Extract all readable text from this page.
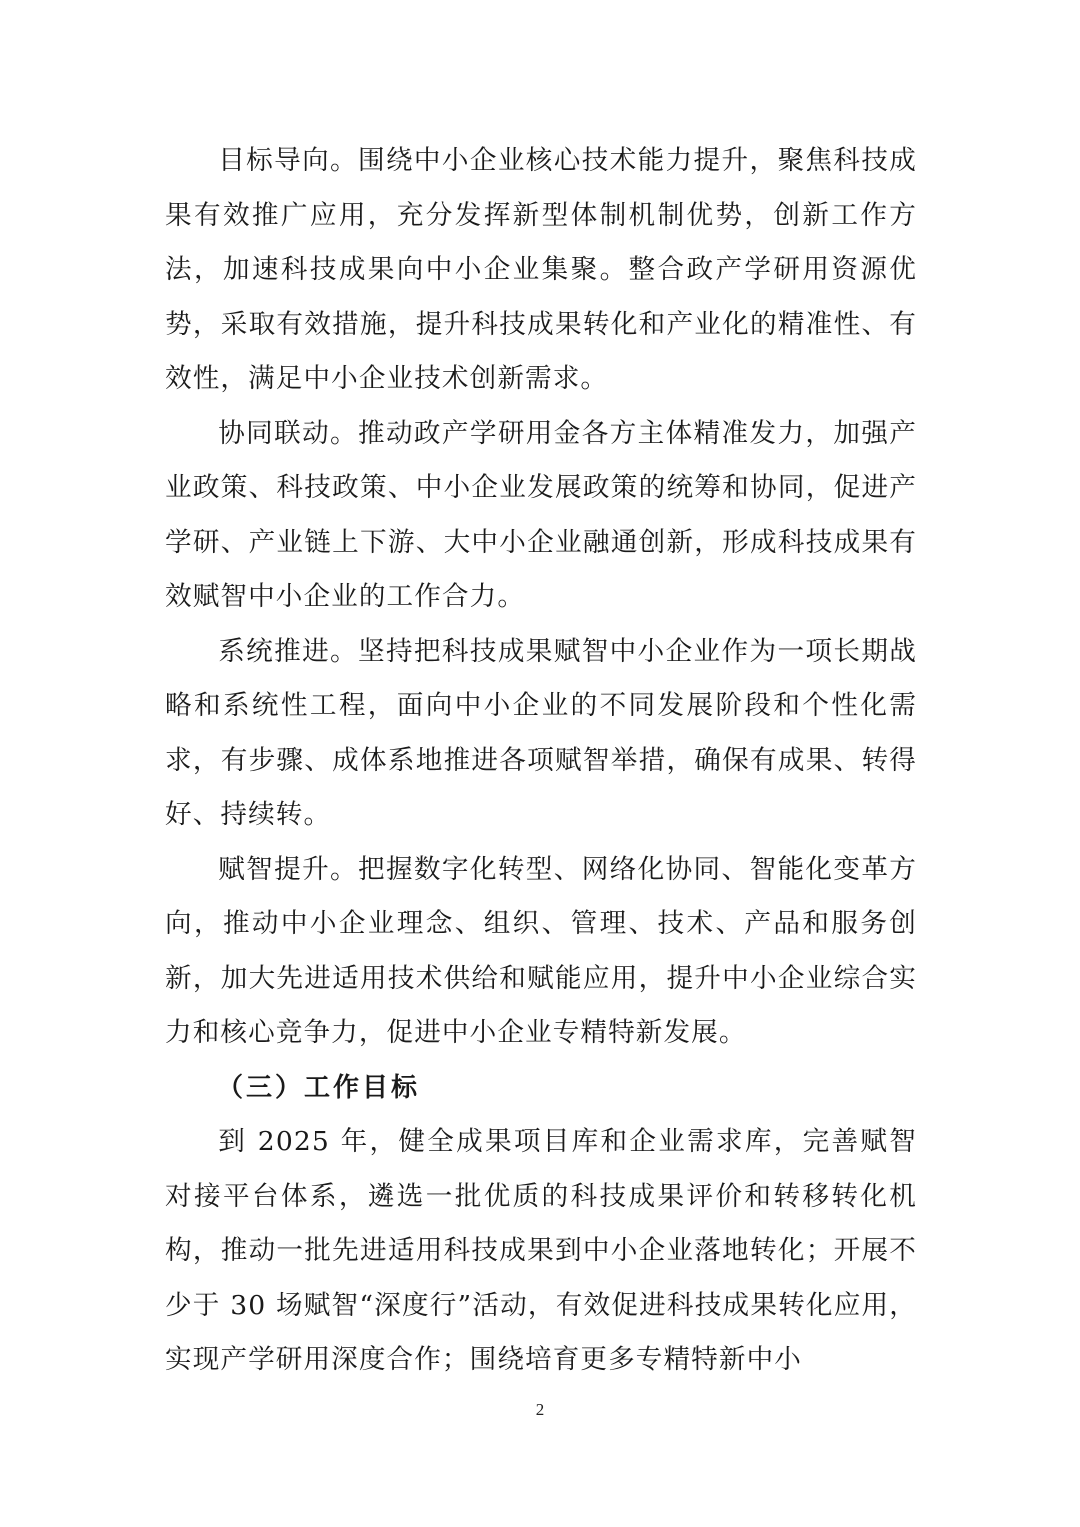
目标导向。围绕中小企业核心技术能力提升，聚焦科技成果有效推广应用，充分发挥新型体制机制优势，创新工作方法，加速科技成果向中小企业集聚。整合政产学研用资源优势，采取有效措施，提升科技成果转化和产业化的精准性、有效性，满足中小企业技术创新需求。

协同联动。推动政产学研用金各方主体精准发力，加强产业政策、科技政策、中小企业发展政策的统筹和协同，促进产学研、产业链上下游、大中小企业融通创新，形成科技成果有效赋智中小企业的工作合力。

系统推进。坚持把科技成果赋智中小企业作为一项长期战略和系统性工程，面向中小企业的不同发展阶段和个性化需求，有步骤、成体系地推进各项赋智举措，确保有成果、转得好、持续转。

赋智提升。把握数字化转型、网络化协同、智能化变革方向，推动中小企业理念、组织、管理、技术、产品和服务创新，加大先进适用技术供给和赋能应用，提升中小企业综合实力和核心竞争力，促进中小企业专精特新发展。

（三）工作目标

到 2025 年，健全成果项目库和企业需求库，完善赋智对接平台体系，遴选一批优质的科技成果评价和转移转化机构，推动一批先进适用科技成果到中小企业落地转化；开展不少于 30 场赋智“深度行”活动，有效促进科技成果转化应用，实现产学研用深度合作；围绕培育更多专精特新中小

2
